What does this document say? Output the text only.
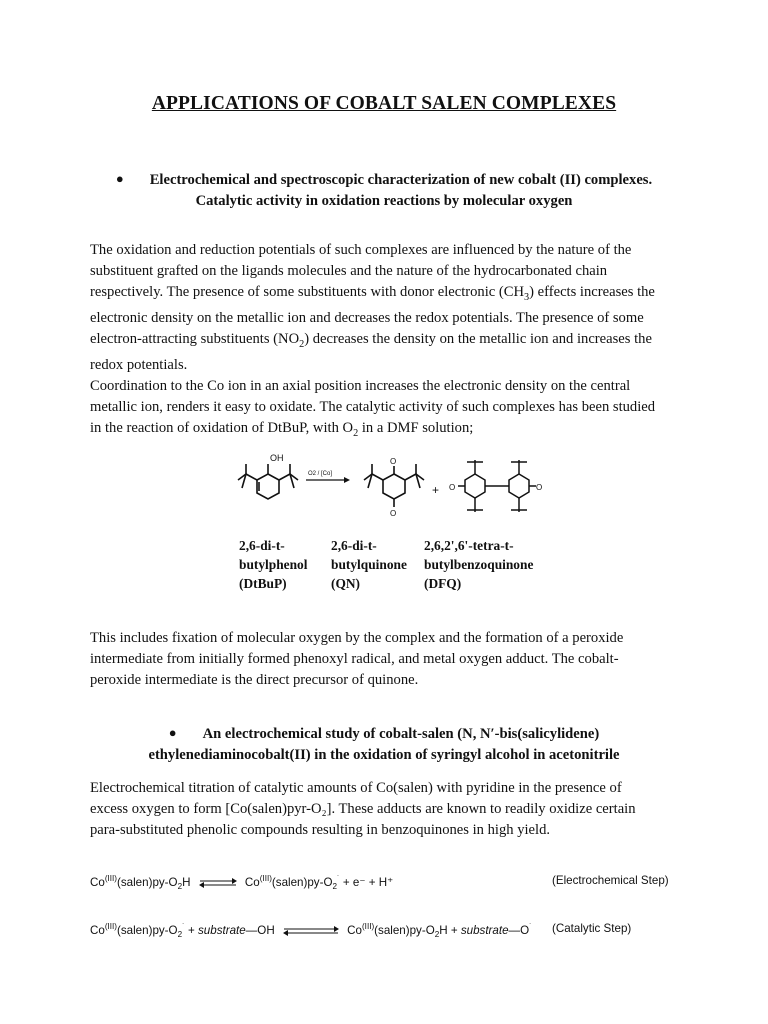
APPLICATIONS OF COBALT SALEN COMPLEXES
● Electrochemical and spectroscopic characterization of new cobalt (II) complexes.
Catalytic activity in oxidation reactions by molecular oxygen

The oxidation and reduction potentials of such complexes are influenced by the nature of the

substituent grafted on the ligands molecules and the nature of the hydrocarbonated chain

respectively. The presence of some substituents with donor electronic $(CH_3)$ effects increases the

electronic density on the metallic ion and decreases the redox potentials. The presence of some

electron-attracting substituents $(NO_2)$ decreases the density on the metallic ion and increases the

redox potentials.

Coordination to the Co ion in an axial position increases the electronic density on the central

metallic ion, renders it easy to oxidate. The catalytic activity of such complexes has been studied

in the reaction of oxidation of DtBuP, with $O_2$ in a DMF solution;

OH
O2 / [Co]
O
O
+ O	O
2,6-di-t-
butylphenol
(DtBuP)
2,6-di-t-
butylquinone
(QN)
2,6,2',6'-tetra-t-
butylbenzoquinone
(DFQ)

This includes fixation of molecular oxygen by the complex and the formation of a peroxide

intermediate from initially formed phenoxyl radical, and metal oxygen adduct. The cobalt-

peroxide intermediate is the direct precursor of quinone.

● An electrochemical study of cobalt-salen (N, N′-bis(salicylidene)
ethylenediaminocobalt(II) in the oxidation of syringyl alcohol in acetonitrile

Electrochemical titration of catalytic amounts of Co(salen) with pyridine in the presence of

excess oxygen to form [Co(salen)pyr-O₂]. These adducts are known to readily oxidize certain

para-substituted phenolic compounds resulting in benzoquinones in high yield.

$Co^{(III)}(salen)py-O_2H$ ⇌ $Co^{(III)}(salen)py-O_2^˙ + e^- + H^+$	(Electrochemical Step)
$Co^{(III)}(salen)py-O_2^˙$ + substrate—OH	$Co^{(III)}(salen)py-O_2H$ + substrate—O˙ (Catalytic Step)
